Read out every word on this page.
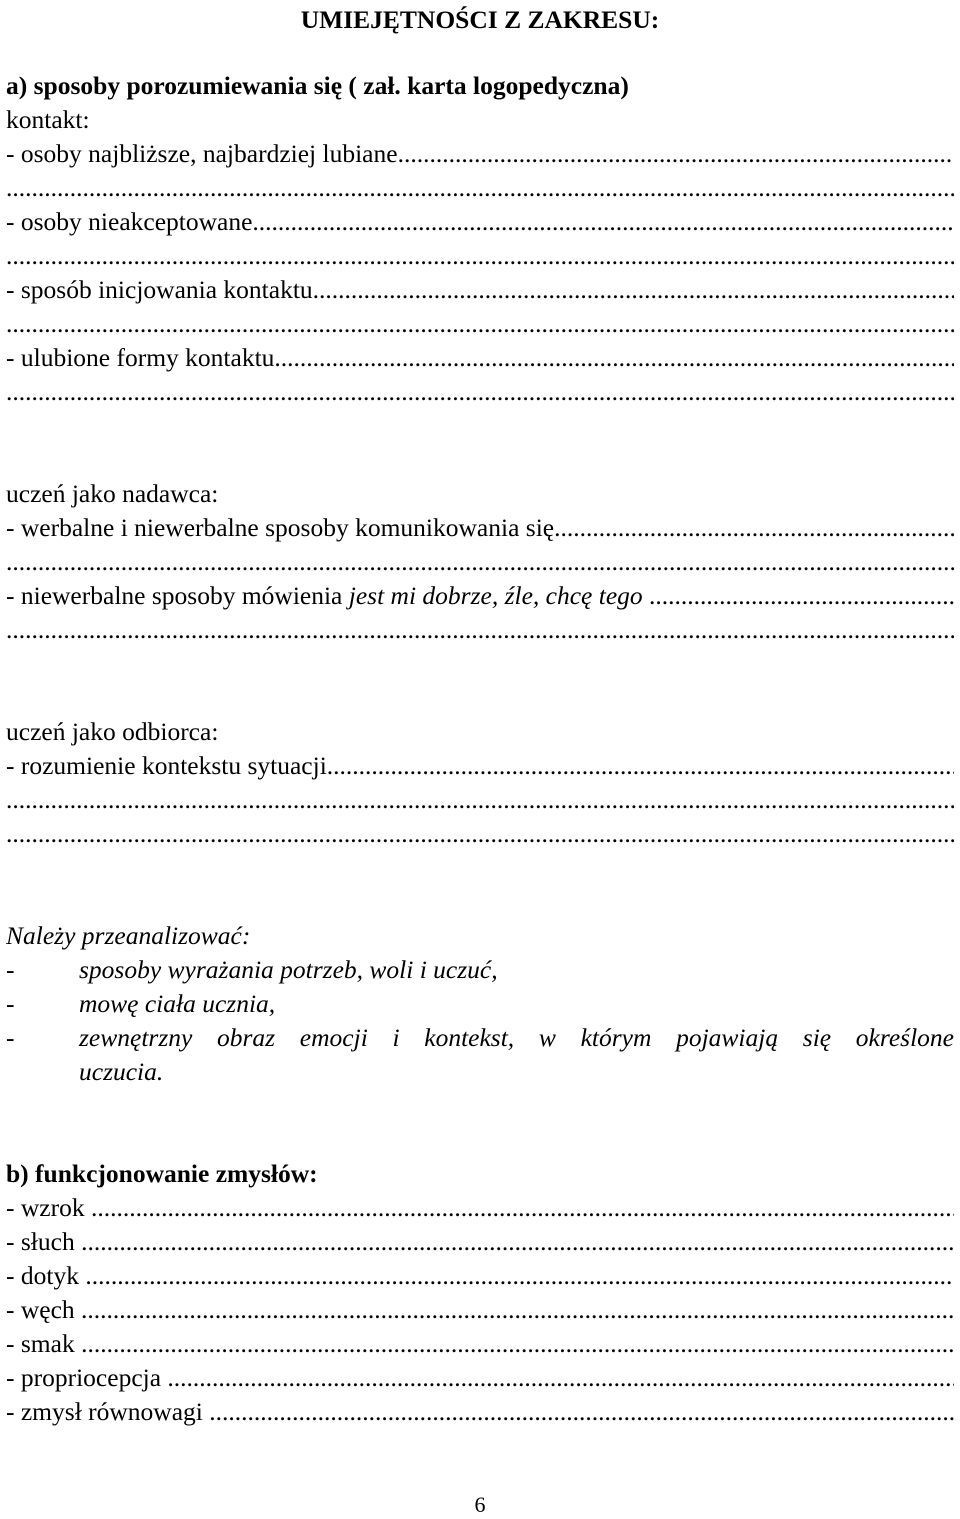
UMIEJĘTNOŚCI Z ZAKRESU:
a) sposoby porozumiewania się ( zał. karta logopedyczna)
kontakt:
- osoby najbliższe, najbardziej lubiane
.....
.....
- osoby nieakceptowane
.....
.....
- sposób inicjowania kontaktu
.....
.....
- ulubione formy kontaktu
.....
.....
uczeń jako nadawca:
- werbalne i niewerbalne sposoby komunikowania się
.....
.....
- niewerbalne sposoby mówienia jest mi dobrze, źle, chcę tego
.....
.....
uczeń jako odbiorca:
- rozumienie kontekstu sytuacji
.....
.....
.....
Należy przeanalizować:
-	sposoby wyrażania potrzeb, woli i uczuć,
-	mowę ciała ucznia,
-	zewnętrzny obraz emocji i kontekst, w którym pojawiają się określone
uczucia.
b) funkcjonowanie zmysłów:
- wzrok
.....
- słuch
.....
- dotyk
.....
- węch
.....
- smak
.....
- propriocepcja
.....
- zmysł równowagi
.....
6
